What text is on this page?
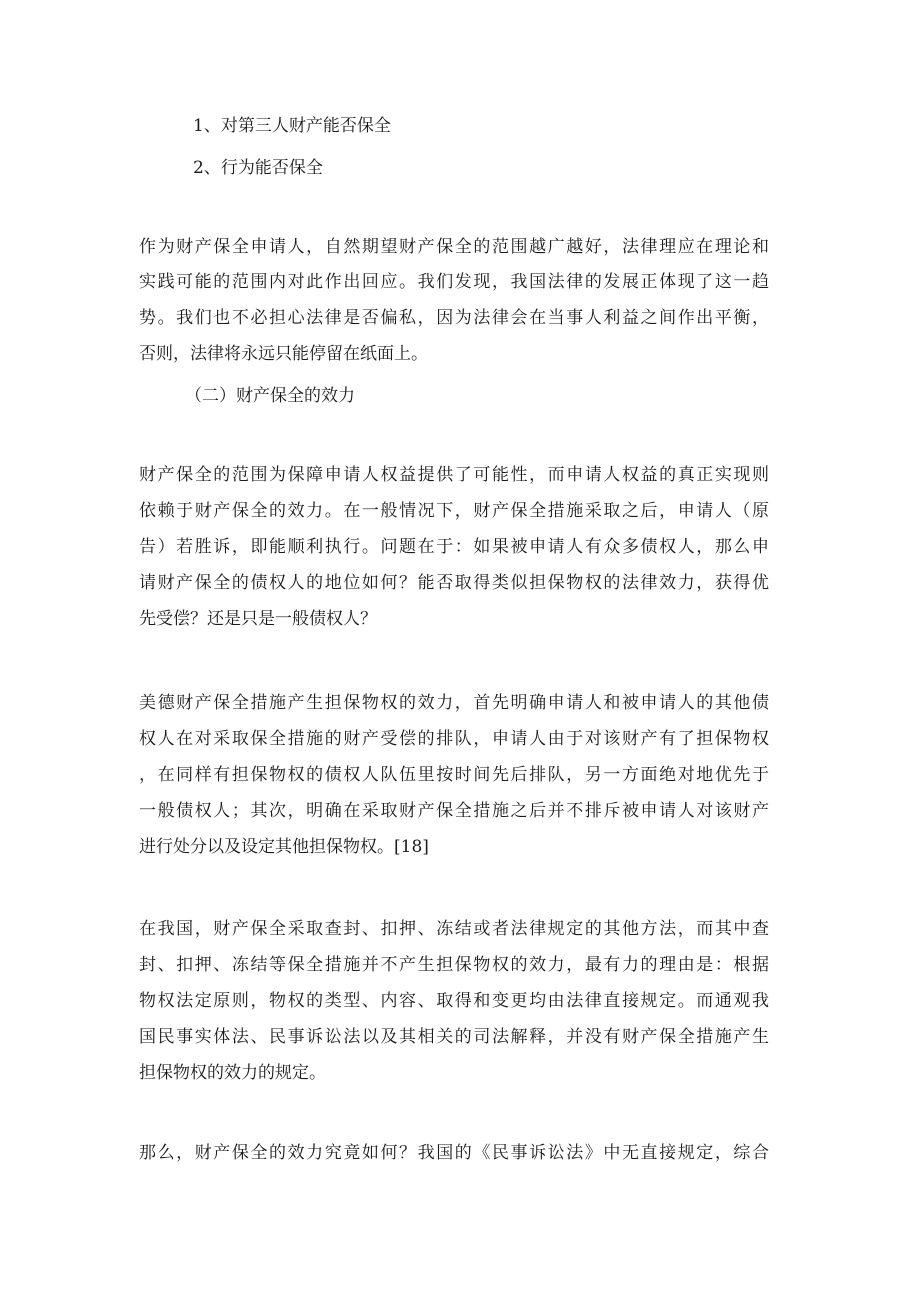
1、对第三人财产能否保全
2、行为能否保全
作为财产保全申请人，自然期望财产保全的范围越广越好，法律理应在理论和
实践可能的范围内对此作出回应。我们发现，我国法律的发展正体现了这一趋
势。我们也不必担心法律是否偏私，因为法律会在当事人利益之间作出平衡，
否则，法律将永远只能停留在纸面上。
（二）财产保全的效力
财产保全的范围为保障申请人权益提供了可能性，而申请人权益的真正实现则
依赖于财产保全的效力。在一般情况下，财产保全措施采取之后，申请人（原
告）若胜诉，即能顺利执行。问题在于：如果被申请人有众多债权人，那么申
请财产保全的债权人的地位如何？能否取得类似担保物权的法律效力，获得优
先受偿？还是只是一般债权人？
美德财产保全措施产生担保物权的效力，首先明确申请人和被申请人的其他债
权人在对采取保全措施的财产受偿的排队，申请人由于对该财产有了担保物权
，在同样有担保物权的债权人队伍里按时间先后排队，另一方面绝对地优先于
一般债权人；其次，明确在采取财产保全措施之后并不排斥被申请人对该财产
进行处分以及设定其他担保物权。[18]
在我国，财产保全采取查封、扣押、冻结或者法律规定的其他方法，而其中查
封、扣押、冻结等保全措施并不产生担保物权的效力，最有力的理由是：根据
物权法定原则，物权的类型、内容、取得和变更均由法律直接规定。而通观我
国民事实体法、民事诉讼法以及其相关的司法解释，并没有财产保全措施产生
担保物权的效力的规定。
那么，财产保全的效力究竟如何？我国的《民事诉讼法》中无直接规定，综合
